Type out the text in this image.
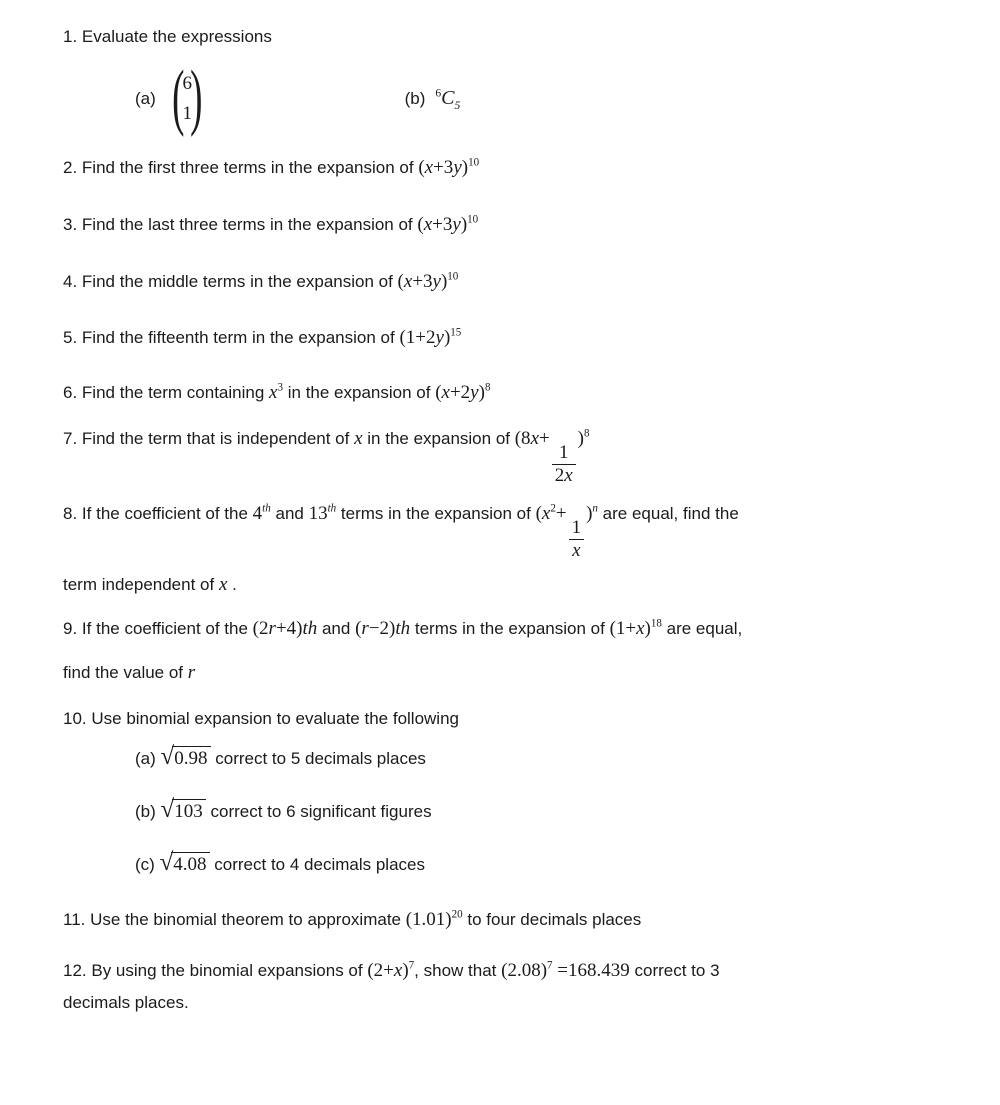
1. Evaluate the expressions
(a) (
6
1
)	(b) $^6C_5$
2. Find the first three terms in the expansion of $(x+3y)^{10}$
3. Find the last three terms in the expansion of $(x+3y)^{10}$
4. Find the middle terms in the expansion of $(x+3y)^{10}$
5. Find the fifteenth term in the expansion of $(1+2y)^{15}$
6. Find the term containing $x^3$ in the expansion of $(x+2y)^8$
7. Find the term that is independent of x in the expansion of (8x+
$\frac{1}{2x}$
)$^8$
8. If the coefficient of the 4th and 13th terms in the expansion of ($x^2+$
$\frac{1}{x}$
)$^n$ are equal, find the
term independent of x .
9. If the coefficient of the (2r+4)th and (r−2)th terms in the expansion of $(1+x)^{18}$ are equal,
find the value of r
10. Use binomial expansion to evaluate the following
(a) √0.98 correct to 5 decimals places
(b) √103 correct to 6 significant figures
(c) √4.08 correct to 4 decimals places
11. Use the binomial theorem to approximate $(1.01)^{20}$ to four decimals places
12. By using the binomial expansions of $(2+x)^7$, show that $(2.08)^7 =168.439$ correct to 3
decimals places.
